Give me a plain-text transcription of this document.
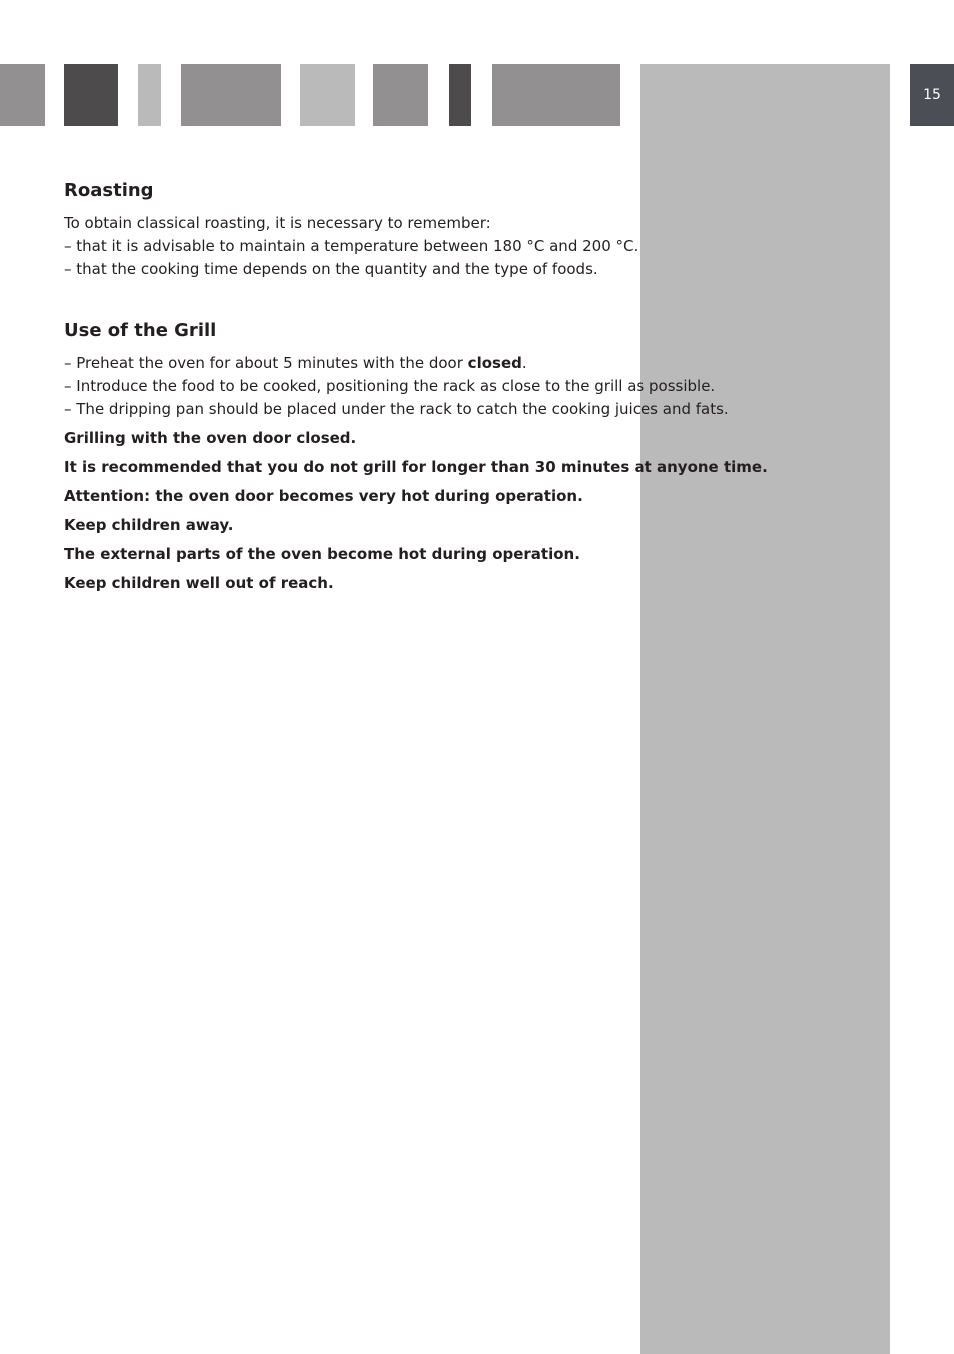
15
Roasting

To obtain classical roasting, it is necessary to remember:

– that it is advisable to maintain a temperature between 180 °C and 200 °C.

– that the cooking time depends on the quantity and the type of foods.

Use of the Grill

– Preheat the oven for about 5 minutes with the door closed.

– Introduce the food to be cooked, positioning the rack as close to the grill as possible.

– The dripping pan should be placed under the rack to catch the cooking juices and fats.

Grilling with the oven door closed.

It is recommended that you do not grill for longer than 30 minutes at anyone time.

Attention: the oven door becomes very hot during operation.

Keep children away.

The external parts of the oven become hot during operation.

Keep children well out of reach.
